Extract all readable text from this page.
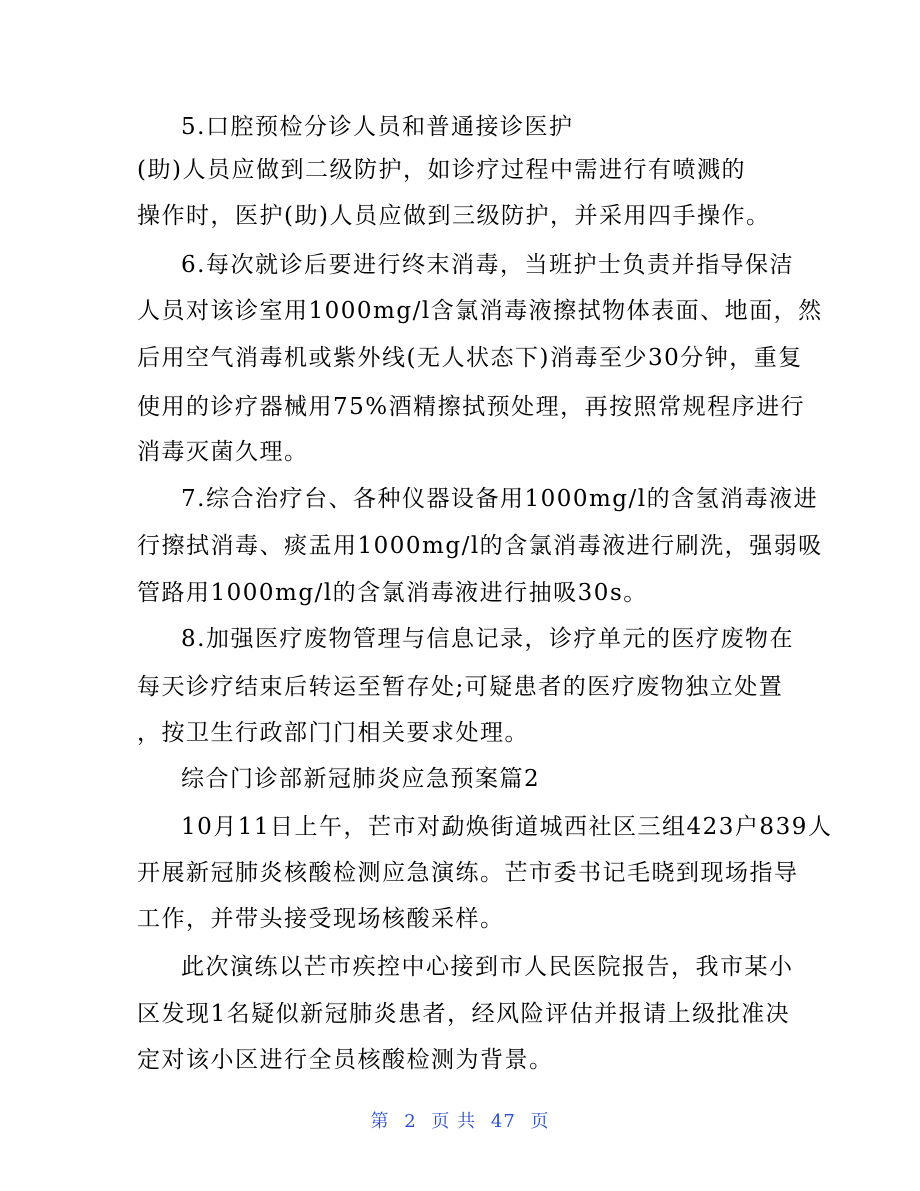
5.口腔预检分诊人员和普通接诊医护
(助)人员应做到二级防护，如诊疗过程中需进行有喷溅的
操作时，医护(助)人员应做到三级防护，并采用四手操作。
6.每次就诊后要进行终末消毒，当班护士负责并指导保洁
人员对该诊室用1000mg/l含氯消毒液擦拭物体表面、地面，然
后用空气消毒机或紫外线(无人状态下)消毒至少30分钟，重复
使用的诊疗器械用75%酒精擦拭预处理，再按照常规程序进行
消毒灭菌久理。
7.综合治疗台、各种仪器设备用1000mg/l的含氢消毒液进
行擦拭消毒、痰盂用1000mg/l的含氯消毒液进行刷洗，强弱吸
管路用1000mg/l的含氯消毒液进行抽吸30s。
8.加强医疗废物管理与信息记录，诊疗单元的医疗废物在
每天诊疗结束后转运至暂存处;可疑患者的医疗废物独立处置
，按卫生行政部门门相关要求处理。
综合门诊部新冠肺炎应急预案篇2
10月11日上午，芒市对勐焕街道城西社区三组423户839人
开展新冠肺炎核酸检测应急演练。芒市委书记毛晓到现场指导
工作，并带头接受现场核酸采样。
此次演练以芒市疾控中心接到市人民医院报告，我市某小
区发现1名疑似新冠肺炎患者，经风险评估并报请上级批准决
定对该小区进行全员核酸检测为背景。
第 2 页 共 47 页
